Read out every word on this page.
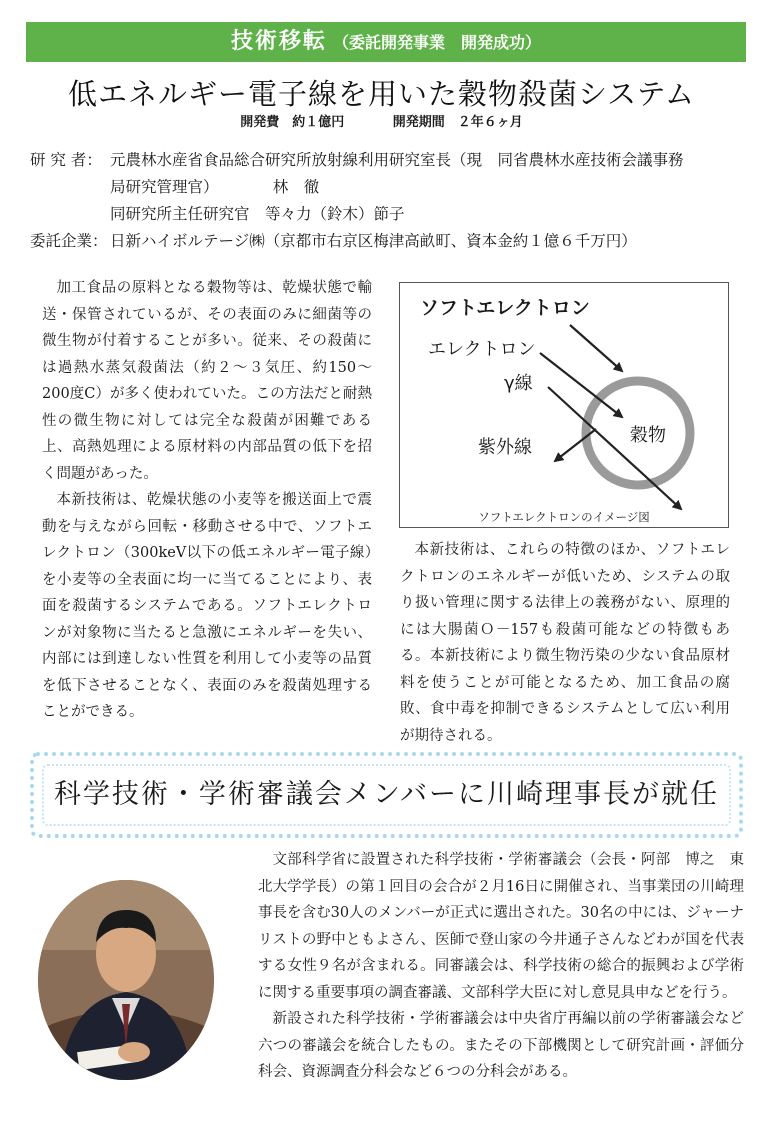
技術移転 （委託開発事業　開発成功）
低エネルギー電子線を用いた穀物殺菌システム
開発費　約１億円	開発期間　２年６ヶ月
研 究 者： 元農林水産省食品総合研究所放射線利用研究室長（現　同省農林水産技術会議事務
局研究管理官）　　　　林　徹
同研究所主任研究官　等々力（鈴木）節子
委託企業： 日新ハイボルテージ㈱（京都市右京区梅津高畝町、資本金約１億６千万円）

加工食品の原料となる穀物等は、乾燥状態で輸送・保管されているが、その表面のみに細菌等の微生物が付着することが多い。従来、その殺菌には過熱水蒸気殺菌法（約２～３気圧、約150～200度C）が多く使われていた。この方法だと耐熱性の微生物に対しては完全な殺菌が困難である上、高熱処理による原材料の内部品質の低下を招く問題があった。

本新技術は、乾燥状態の小麦等を搬送面上で震動を与えながら回転・移動させる中で、ソフトエレクトロン（300keV以下の低エネルギー電子線）を小麦等の全表面に均一に当てることにより、表面を殺菌するシステムである。ソフトエレクトロンが対象物に当たると急激にエネルギーを失い、内部には到達しない性質を利用して小麦等の品質を低下させることなく、表面のみを殺菌処理することができる。

ソフトエレクトロン
エレクトロン
γ線
穀物
紫外線
ソフトエレクトロンのイメージ図

本新技術は、これらの特徴のほか、ソフトエレクトロンのエネルギーが低いため、システムの取り扱い管理に関する法律上の義務がない、原理的には大腸菌Ｏ－157も殺菌可能などの特徴もある。本新技術により微生物汚染の少ない食品原材料を使うことが可能となるため、加工食品の腐敗、食中毒を抑制できるシステムとして広い利用が期待される。

科学技術・学術審議会メンバーに川崎理事長が就任

文部科学省に設置された科学技術・学術審議会（会長・阿部　博之　東北大学学長）の第１回目の会合が２月16日に開催され、当事業団の川崎理事長を含む30人のメンバーが正式に選出された。30名の中には、ジャーナリストの野中ともよさん、医師で登山家の今井通子さんなどわが国を代表する女性９名が含まれる。同審議会は、科学技術の総合的振興および学術に関する重要事項の調査審議、文部科学大臣に対し意見具申などを行う。

新設された科学技術・学術審議会は中央省庁再編以前の学術審議会など六つの審議会を統合したもの。またその下部機関として研究計画・評価分科会、資源調査分科会など６つの分科会がある。
